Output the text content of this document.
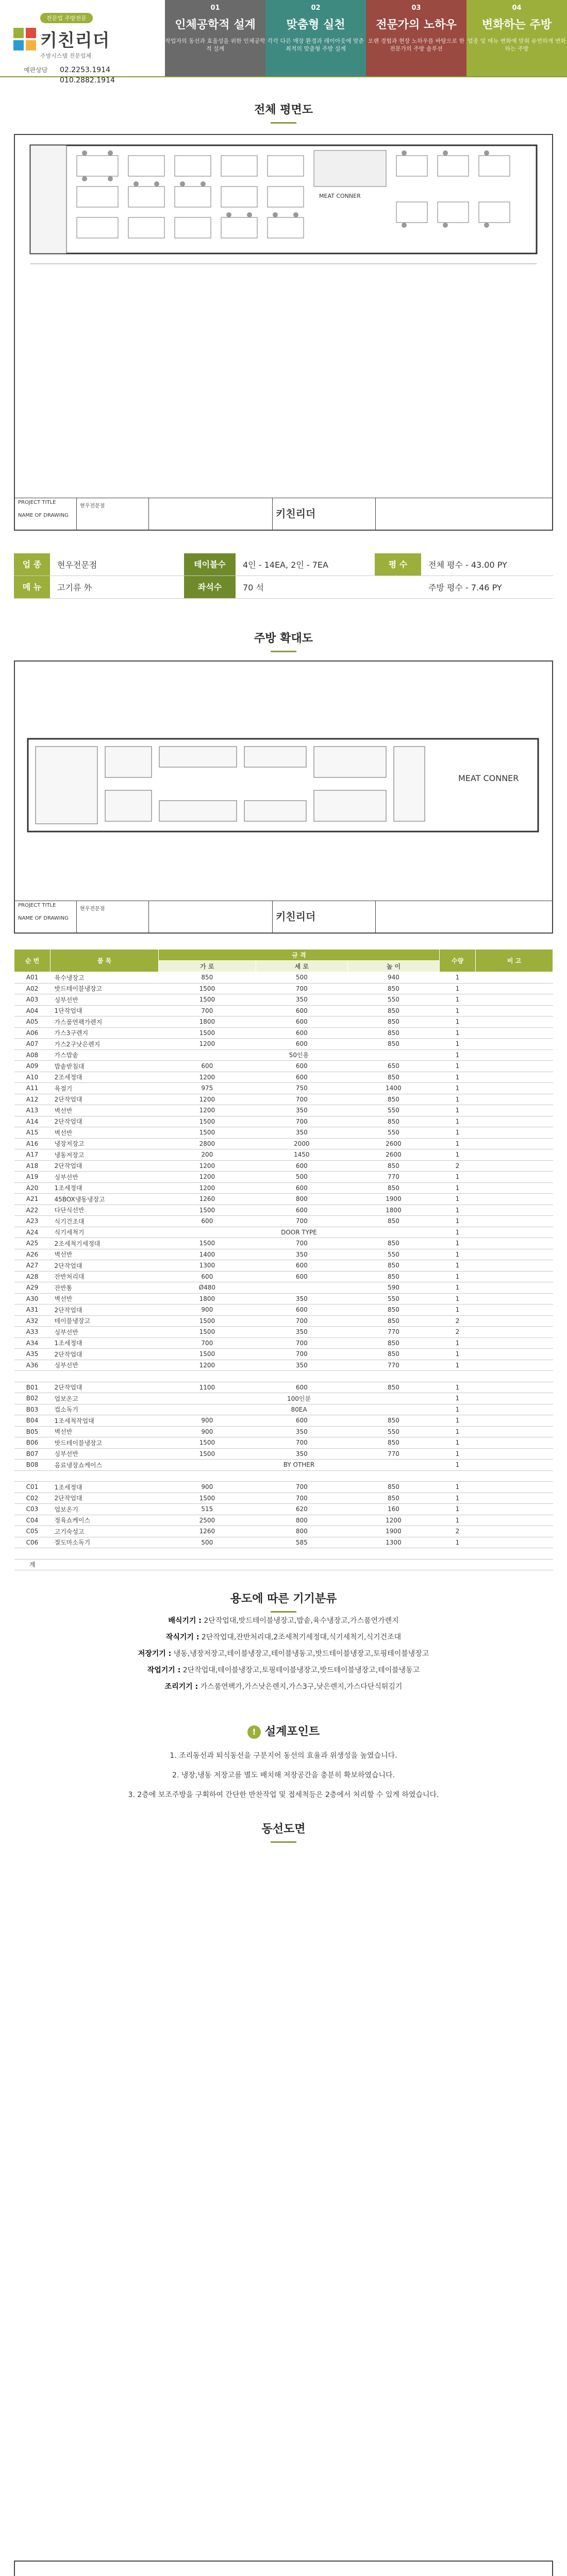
전문업 주방전문
키친리더
주방시스템 전문업체
예판상담 02.2253.1914
010.2882.1914
01
인체공학적 설계
작업자의 동선과 효율성을 위한 인체공학적 설계
02
맞춤형 실천
각각 다른 매장 환경과 레이아웃에 맞춘 최적의 맞춤형 주방 설계
03
전문가의 노하우
오랜 경험과 현장 노하우를 바탕으로 한 전문가의 주방 솔루션
04
변화하는 주방
업종 및 메뉴 변화에 맞춰 유연하게 변화하는 주방
전체 평면도
MEAT CONNER
PROJECT TITLE
NAME OF DRAWING
현우전문점
키친리더
업 종	현우전문점	테이블수	4인 - 14EA, 2인 - 7EA	평 수	전체 평수 - 43.00 PY
메 뉴	고기류 外	좌석수	70 석	주방 평수 - 7.46 PY
주방 확대도
MEAT CONNER
PROJECT TITLE
NAME OF DRAWING
현우전문점
키친리더
순 번	품 목	규 격			수량	비 고
		가 로	세 로	높 이		
A01	육수냉장고	850	500	940	1	
A02	밧드테이블냉장고	1500	700	850	1	
A03	싱부선반	1500	350	550	1	
A04	1단작업대	700	600	850	1	
A05	가스품연팩가렌지	1800	600	850	1	
A06	가스3구렌지	1500	600	850	1	
A07	가스2구낫은렌지	1200	600	850	1	
A08	가스밥솥	50인용			1	
A09	밥솥받침대	600	600	650	1	
A10	2조세정대	1200	600	850	1	
A11	육절기	975	750	1400	1	
A12	2단작업대	1200	700	850	1	
A13	벽선반	1200	350	550	1	
A14	2단작업대	1500	700	850	1	
A15	벽선반	1500	350	550	1	
A16	냉장저장고	2800	2000	2600	1	
A17	냉동저장고	200	1450	2600	1	
A18	2단작업대	1200	600	850	2	
A19	싱부선반	1200	500	770	1	
A20	1조세정대	1200	600	850	1	
A21	45BOX냉동냉장고	1260	800	1900	1	
A22	다단식선반	1500	600	1800	1	
A23	식기건조대	600	700	850	1	
A24	식기세척기	DOOR TYPE			1	
A25	2조세척기세정대	1500	700	850	1	
A26	벽선반	1400	350	550	1	
A27	2단작업대	1300	600	850	1	
A28	잔반처리대	600	600	850	1	
A29	잔반통	Ø480		590	1	
A30	벽선반	1800	350	550	1	
A31	2단작업대	900	600	850	1	
A32	테이블냉장고	1500	700	850	2	
A33	싱부선반	1500	350	770	2	
A34	1조세정대	700	700	850	1	
A35	2단작업대	1500	700	850	1	
A36	싱부선반	1200	350	770	1	

B01	2단작업대	1100	600	850	1	
B02	업보온고	100인분			1	
B03	컵소독기	80EA			1	
B04	1조세척작업대	900	600	850	1	
B05	벽선반	900	350	550	1	
B06	밧드테이블냉장고	1500	700	850	1	
B07	싱부선반	1500	350	770	1	
B08	음료냉장쇼케이스	BY OTHER			1	

C01	1조세정대	900	700	850	1	
C02	2단작업대	1500	700	850	1	
C03	업보온기	515	620	160	1	
C04	정육쇼케이스	2500	800	1200	1	
C05	고기숙성고	1260	800	1900	2	
C06	절도마소독기	500	585	1300	1	

계						
용도에 따른 기기분류
배식기기 : 2단작업대,밧드테이블냉장고,밥솥,육수냉장고,가스품연가렌지
작식기기 : 2단작업대,잔반처리대,2조세척기세정대,식기세척기,식기건조대
저장기기 : 냉동,냉장저장고,테이블냉장고,테이블냉동고,밧드테이블냉장고,토핑테이블냉장고
작업기기 : 2단작업대,테이블냉장고,토핑테이블냉장고,밧드테이블냉장고,테이블냉동고
조리기기 : 가스품연팩가,가스낫은렌지,가스3구,낫은렌지,가스다단식튀김기
! 설계포인트
1. 조리동선과 퇴식동선을 구분지어 동선의 효율과 위생성을 높였습니다.
2. 냉장,냉동 저장고를 별도 배치해 저장공간을 충분히 확보하였습니다.
3. 2층에 보조주방을 구획하여 간단한 반찬작업 및 접세척등은 2층에서 처리할 수 있게 하였습니다.
동선도면
